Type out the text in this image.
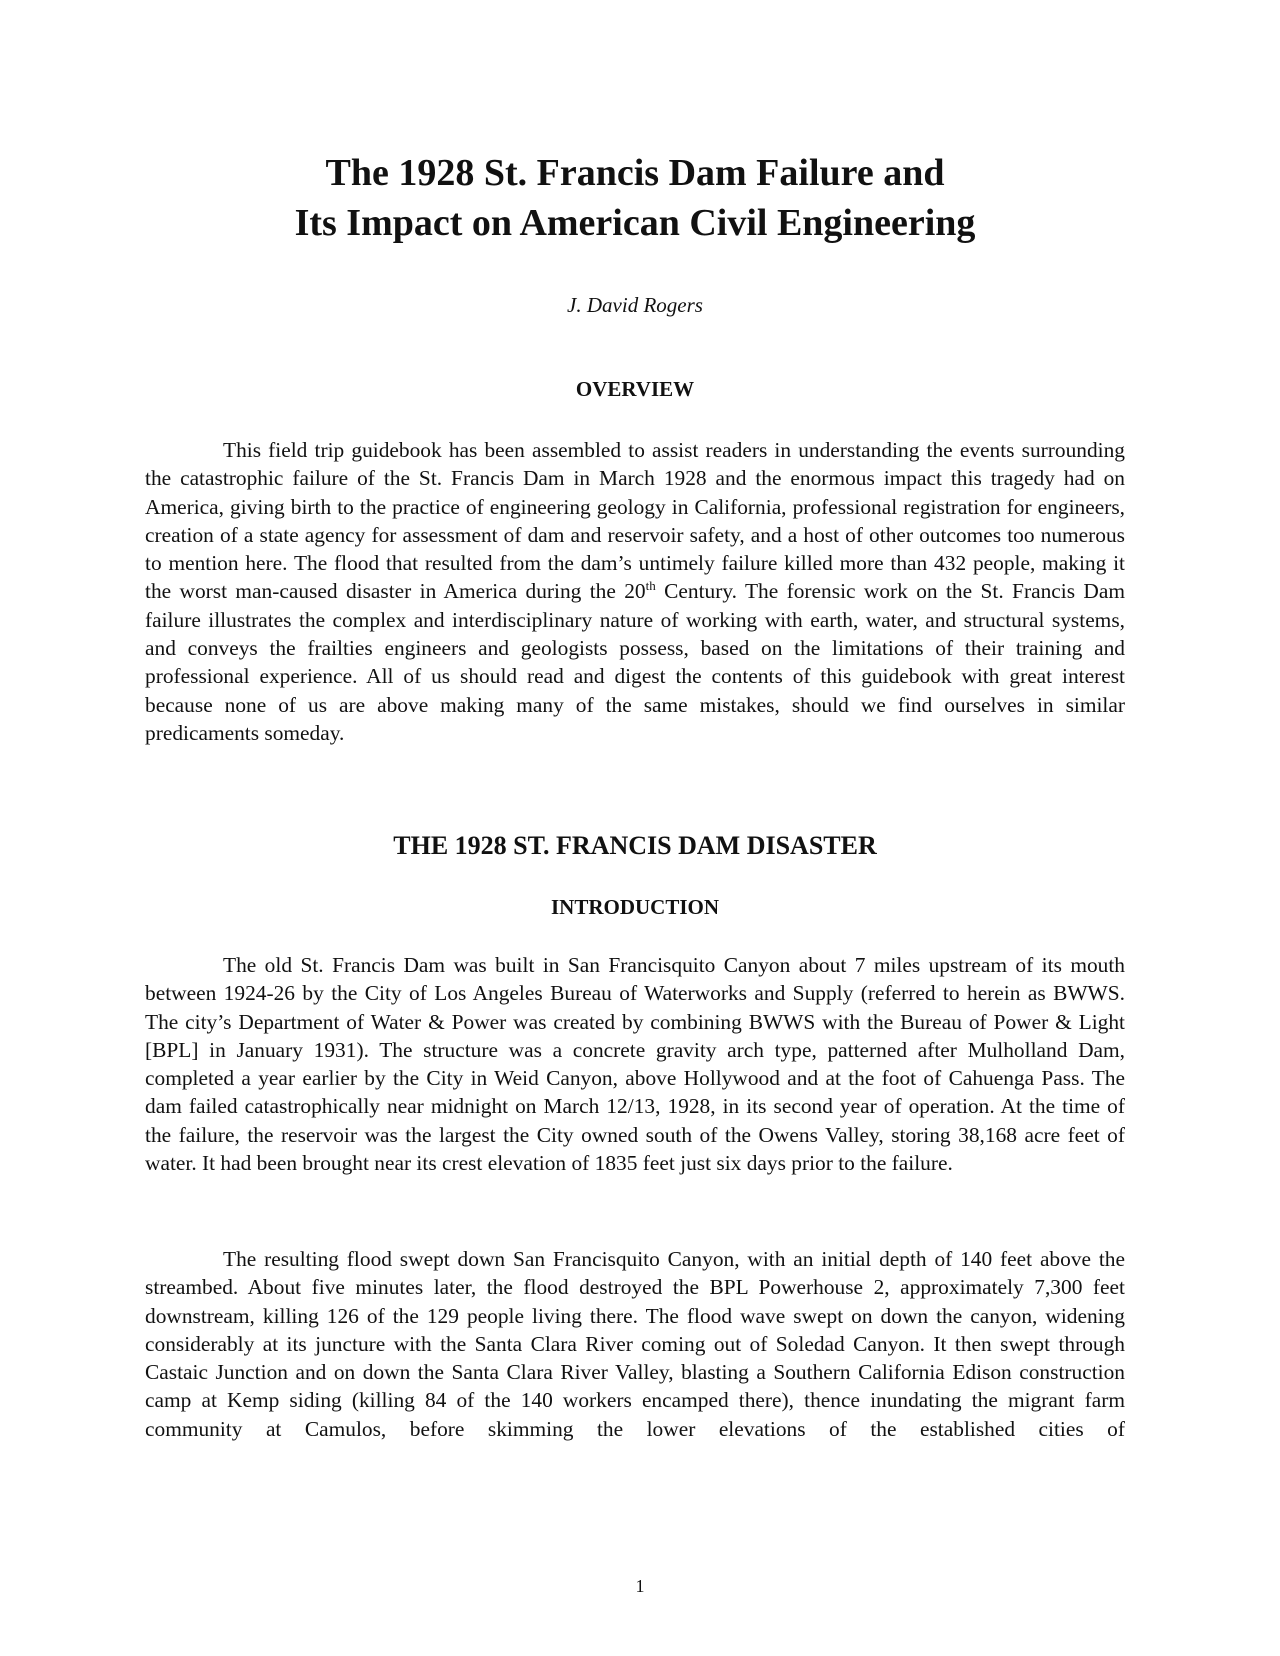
The 1928 St. Francis Dam Failure and
Its Impact on American Civil Engineering

J. David Rogers

OVERVIEW

This field trip guidebook has been assembled to assist readers in understanding the events surrounding the catastrophic failure of the St. Francis Dam in March 1928 and the enormous impact this tragedy had on America, giving birth to the practice of engineering geology in California, professional registration for engineers, creation of a state agency for assessment of dam and reservoir safety, and a host of other outcomes too numerous to mention here. The flood that resulted from the dam’s untimely failure killed more than 432 people, making it the worst man-caused disaster in America during the 20th Century. The forensic work on the St. Francis Dam failure illustrates the complex and interdisciplinary nature of working with earth, water, and structural systems, and conveys the frailties engineers and geologists possess, based on the limitations of their training and professional experience. All of us should read and digest the contents of this guidebook with great interest because none of us are above making many of the same mistakes, should we find ourselves in similar predicaments someday.

THE 1928 ST. FRANCIS DAM DISASTER
INTRODUCTION

The old St. Francis Dam was built in San Francisquito Canyon about 7 miles upstream of its mouth between 1924-26 by the City of Los Angeles Bureau of Waterworks and Supply (referred to herein as BWWS. The city’s Department of Water & Power was created by combining BWWS with the Bureau of Power & Light [BPL] in January 1931). The structure was a concrete gravity arch type, patterned after Mulholland Dam, completed a year earlier by the City in Weid Canyon, above Hollywood and at the foot of Cahuenga Pass. The dam failed catastrophically near midnight on March 12/13, 1928, in its second year of operation. At the time of the failure, the reservoir was the largest the City owned south of the Owens Valley, storing 38,168 acre feet of water. It had been brought near its crest elevation of 1835 feet just six days prior to the failure.

The resulting flood swept down San Francisquito Canyon, with an initial depth of 140 feet above the streambed. About five minutes later, the flood destroyed the BPL Powerhouse 2, approximately 7,300 feet downstream, killing 126 of the 129 people living there. The flood wave swept on down the canyon, widening considerably at its juncture with the Santa Clara River coming out of Soledad Canyon. It then swept through Castaic Junction and on down the Santa Clara River Valley, blasting a Southern California Edison construction camp at Kemp siding (killing 84 of the 140 workers encamped there), thence inundating the migrant farm community at Camulos, before skimming the lower elevations of the established cities of

1
